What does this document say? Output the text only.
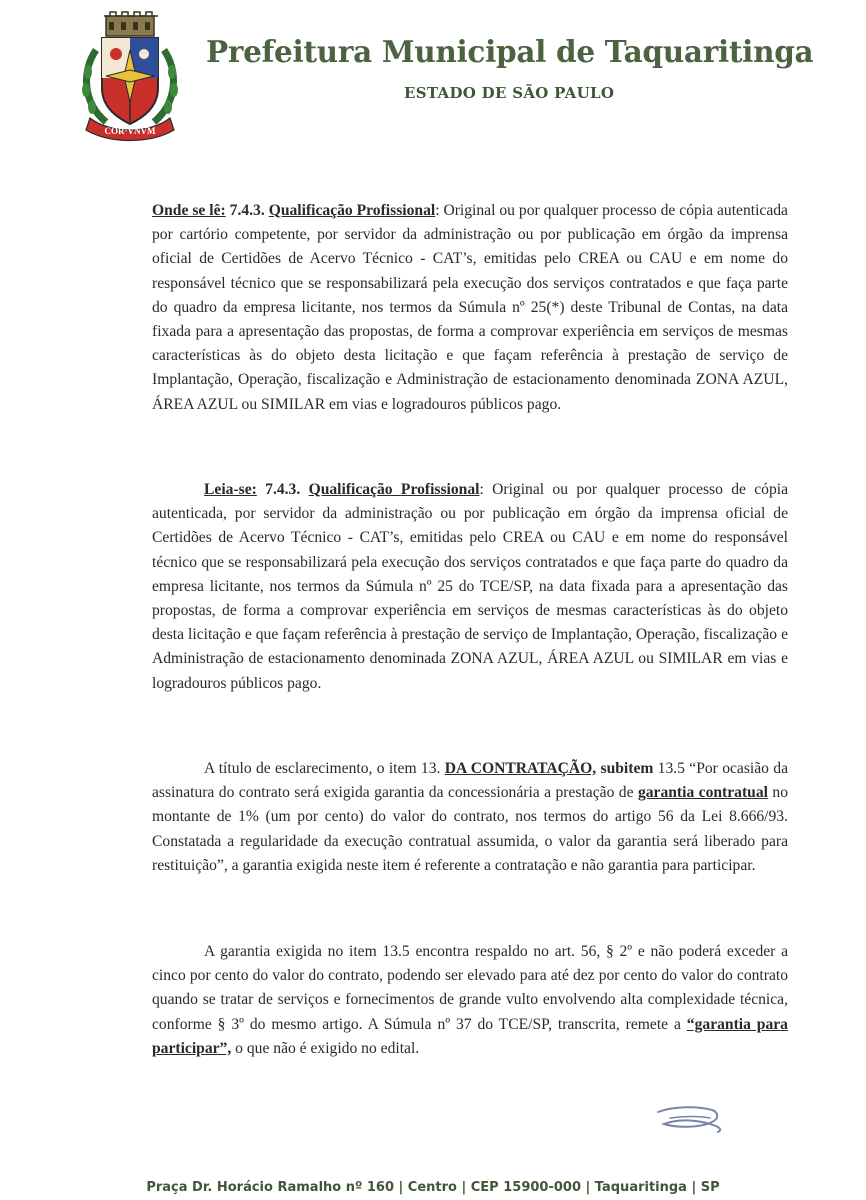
COR·VNVM
Prefeitura Municipal de Taquaritinga
ESTADO DE SÃO PAULO
Onde se lê: 7.4.3. Qualificação Profissional: Original ou por qualquer processo de cópia autenticada por cartório competente, por servidor da administração ou por publicação em órgão da imprensa oficial de Certidões de Acervo Técnico - CAT’s, emitidas pelo CREA ou CAU e em nome do responsável técnico que se responsabilizará pela execução dos serviços contratados e que faça parte do quadro da empresa licitante, nos termos da Súmula nº 25(*) deste Tribunal de Contas, na data fixada para a apresentação das propostas, de forma a comprovar experiência em serviços de mesmas características às do objeto desta licitação e que façam referência à prestação de serviço de Implantação, Operação, fiscalização e Administração de estacionamento denominada ZONA AZUL, ÁREA AZUL ou SIMILAR em vias e logradouros públicos pago.
Leia-se: 7.4.3. Qualificação Profissional: Original ou por qualquer processo de cópia autenticada, por servidor da administração ou por publicação em órgão da imprensa oficial de Certidões de Acervo Técnico - CAT’s, emitidas pelo CREA ou CAU e em nome do responsável técnico que se responsabilizará pela execução dos serviços contratados e que faça parte do quadro da empresa licitante, nos termos da Súmula nº 25 do TCE/SP, na data fixada para a apresentação das propostas, de forma a comprovar experiência em serviços de mesmas características às do objeto desta licitação e que façam referência à prestação de serviço de Implantação, Operação, fiscalização e Administração de estacionamento denominada ZONA AZUL, ÁREA AZUL ou SIMILAR em vias e logradouros públicos pago.
A título de esclarecimento, o item 13. DA CONTRATAÇÃO, subitem 13.5 “Por ocasião da assinatura do contrato será exigida garantia da concessionária a prestação de garantia contratual no montante de 1% (um por cento) do valor do contrato, nos termos do artigo 56 da Lei 8.666/93. Constatada a regularidade da execução contratual assumida, o valor da garantia será liberado para restituição”, a garantia exigida neste item é referente a contratação e não garantia para participar.
A garantia exigida no item 13.5 encontra respaldo no art. 56, § 2º e não poderá exceder a cinco por cento do valor do contrato, podendo ser elevado para até dez por cento do valor do contrato quando se tratar de serviços e fornecimentos de grande vulto envolvendo alta complexidade técnica, conforme § 3º do mesmo artigo. A Súmula nº 37 do TCE/SP, transcrita, remete a “garantia para participar”, o que não é exigido no edital.
Praça Dr. Horácio Ramalho nº 160 | Centro | CEP 15900-000 | Taquaritinga | SP
